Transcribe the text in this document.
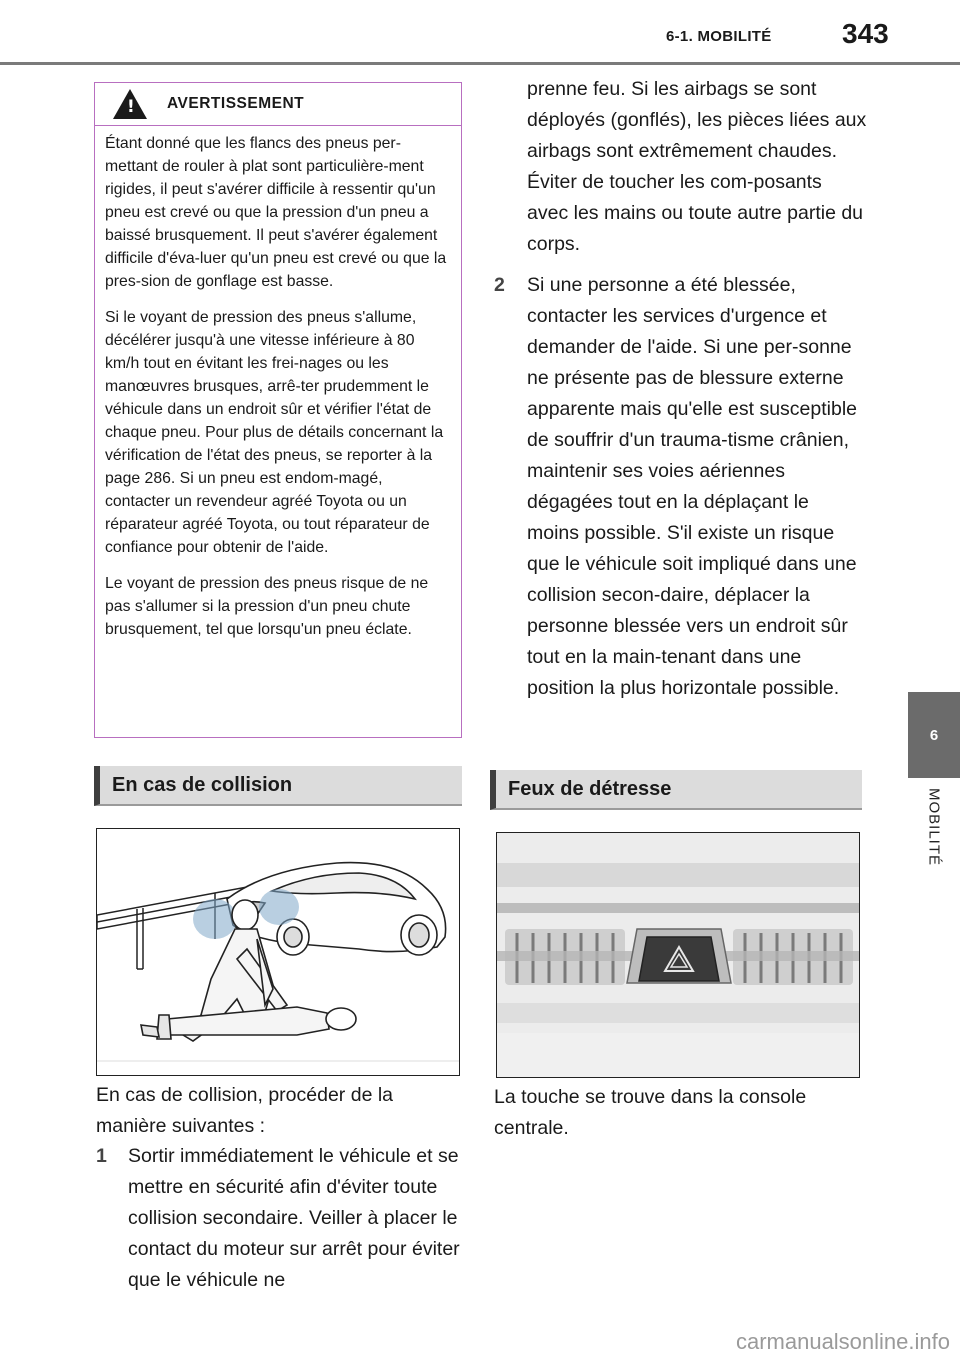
6-1. MOBILITÉ	343
6
MOBILITÉ
!
AVERTISSEMENT

Étant donné que les flancs des pneus per-mettant de rouler à plat sont particulière-ment rigides, il peut s'avérer difficile à ressentir qu'un pneu est crevé ou que la pression d'un pneu a baissé brusquement. Il peut s'avérer également difficile d'éva-luer qu'un pneu est crevé ou que la pres-sion de gonflage est basse.

Si le voyant de pression des pneus s'allume, décélérer jusqu'à une vitesse inférieure à 80 km/h tout en évitant les frei-nages ou les manœuvres brusques, arrê-ter prudemment le véhicule dans un endroit sûr et vérifier l'état de chaque pneu. Pour plus de détails concernant la vérification de l'état des pneus, se reporter à la page 286. Si un pneu est endom-magé, contacter un revendeur agréé Toyota ou un réparateur agréé Toyota, ou tout réparateur de confiance pour obtenir de l'aide.

Le voyant de pression des pneus risque de ne pas s'allumer si la pression d'un pneu chute brusquement, tel que lorsqu'un pneu éclate.

En cas de collision
En cas de collision, procéder de la manière suivantes :
1 Sortir immédiatement le véhicule et se mettre en sécurité afin d'éviter toute collision secondaire. Veiller à placer le contact du moteur sur arrêt pour éviter que le véhicule ne
prenne feu. Si les airbags se sont déployés (gonflés), les pièces liées aux airbags sont extrêmement chaudes. Éviter de toucher les com-posants avec les mains ou toute autre partie du corps.
2 Si une personne a été blessée, contacter les services d'urgence et demander de l'aide. Si une per-sonne ne présente pas de blessure externe apparente mais qu'elle est susceptible de souffrir d'un trauma-tisme crânien, maintenir ses voies aériennes dégagées tout en la déplaçant le moins possible. S'il existe un risque que le véhicule soit impliqué dans une collision secon-daire, déplacer la personne blessée vers un endroit sûr tout en la main-tenant dans une position la plus horizontale possible.
Feux de détresse
La touche se trouve dans la console centrale.
carmanualsonline.info
